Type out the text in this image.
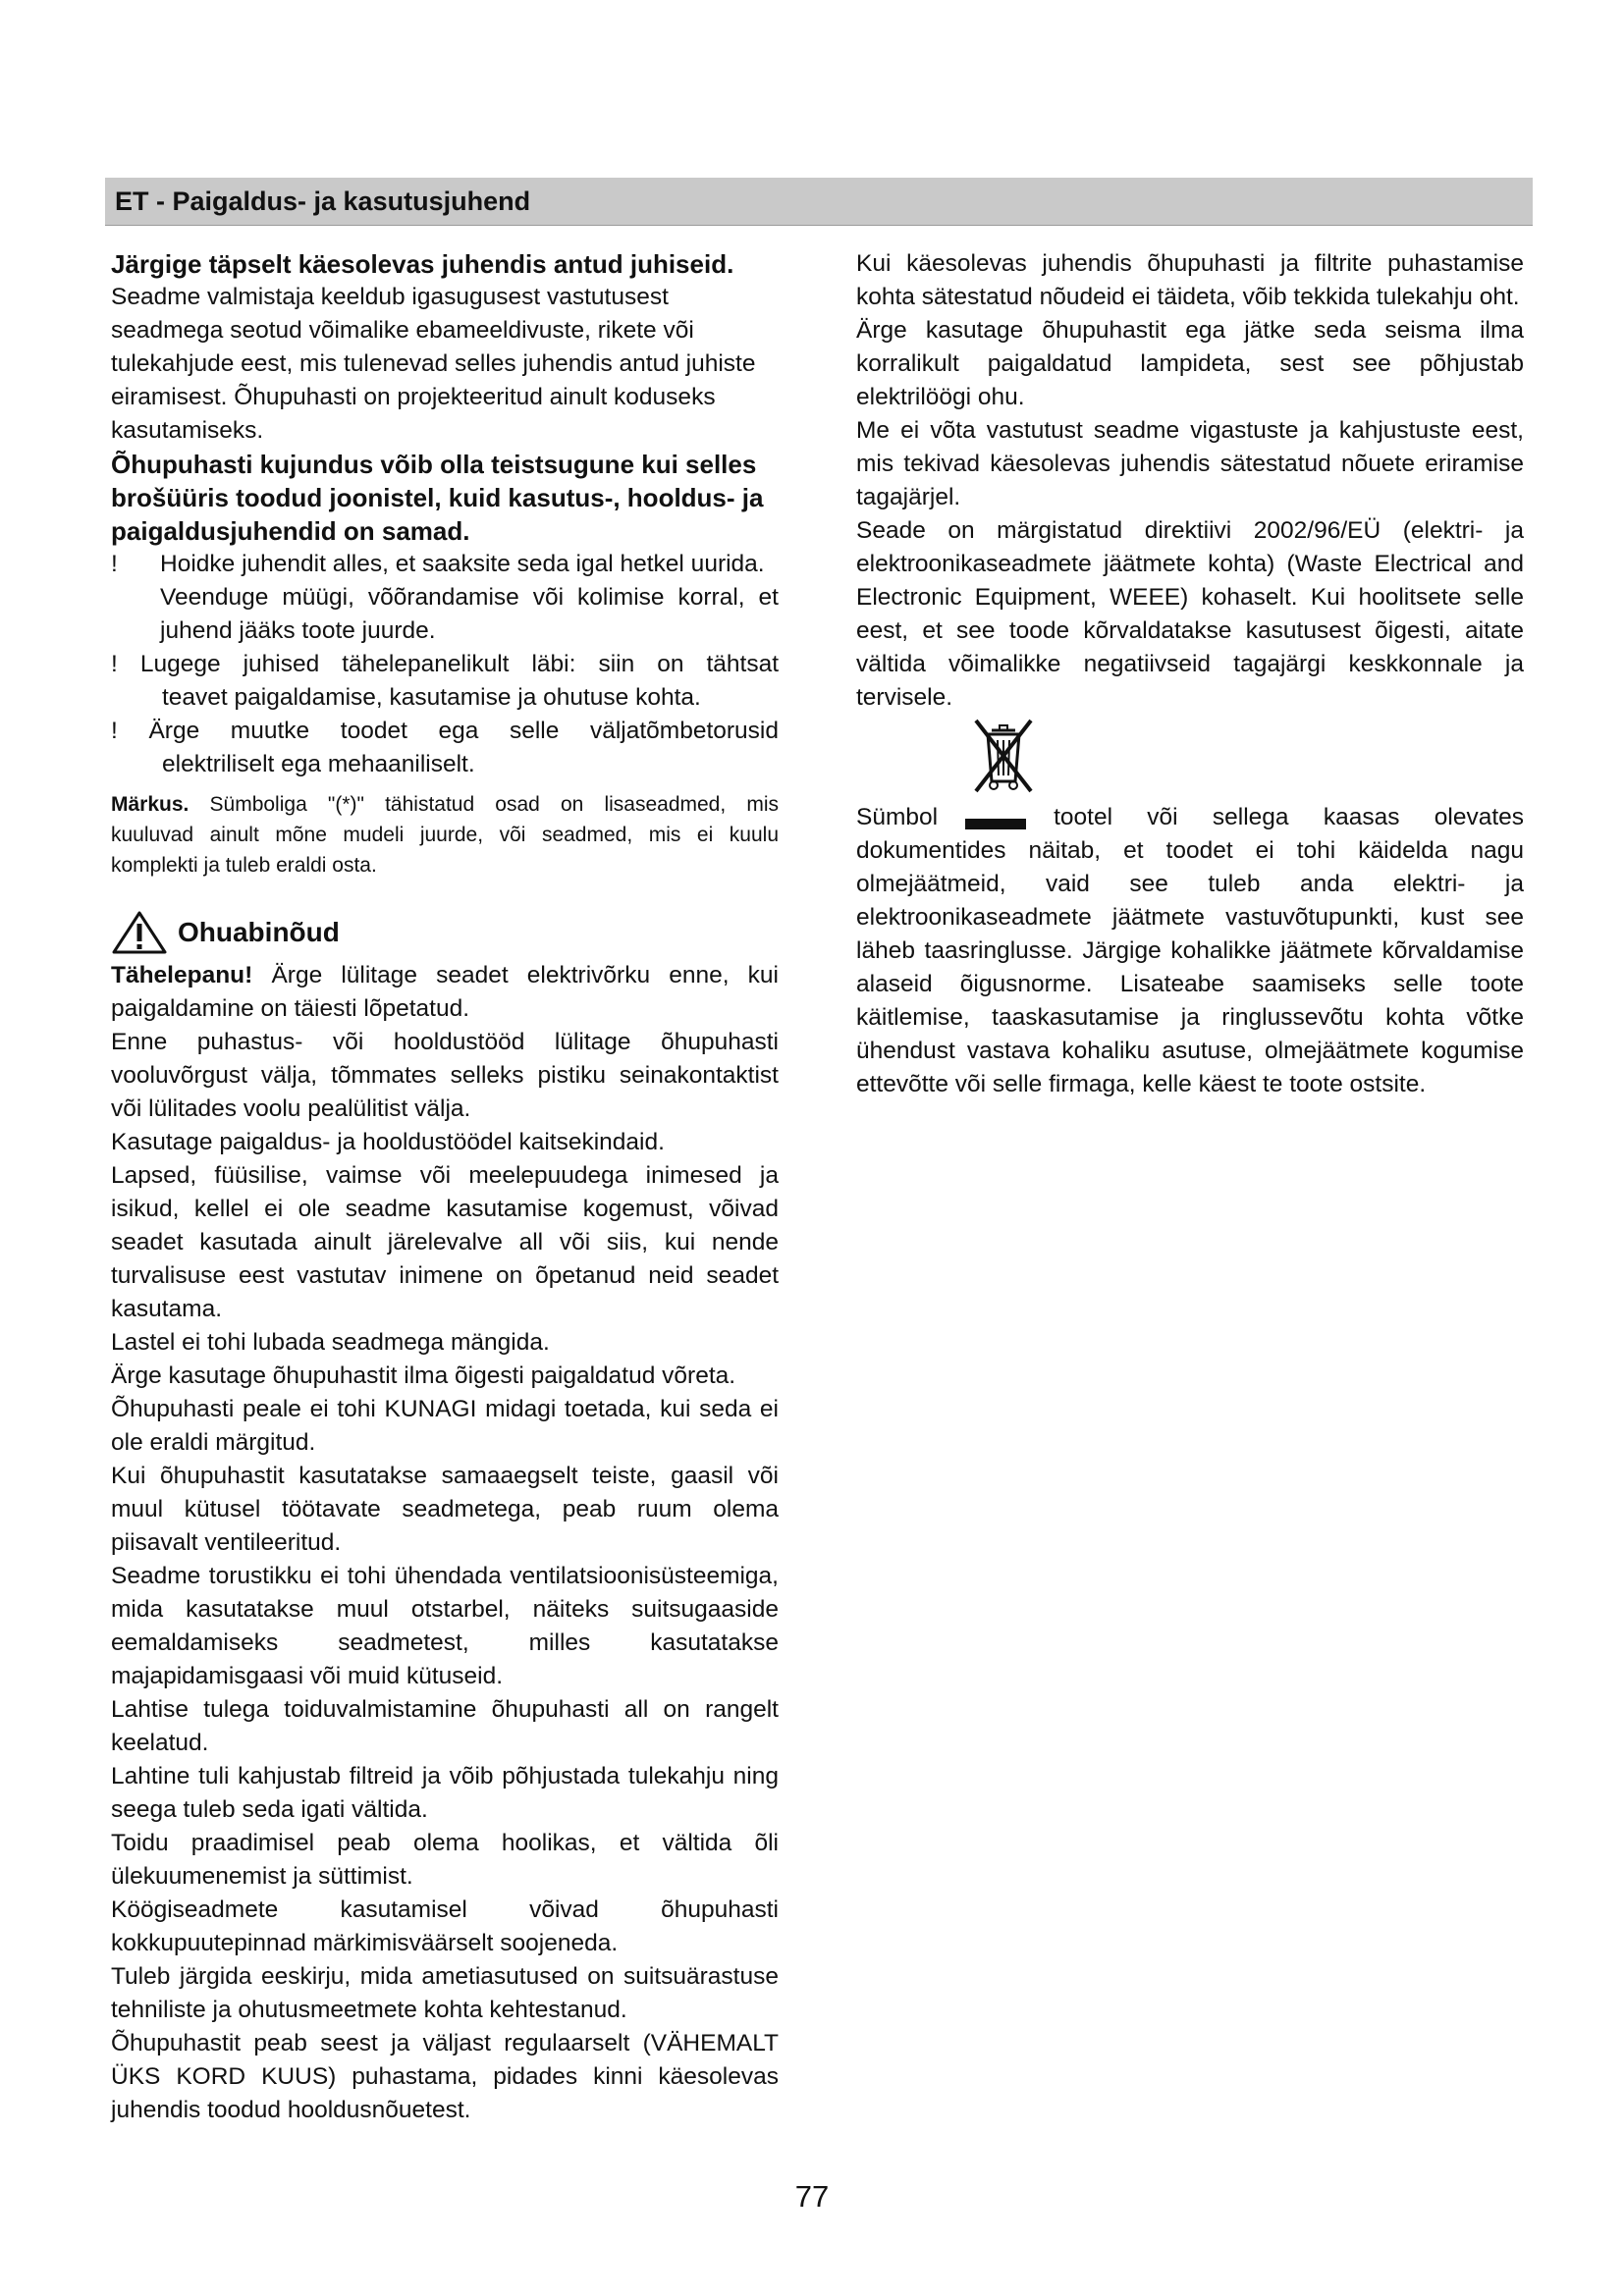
ET - Paigaldus- ja kasutusjuhend

Järgige täpselt käesolevas juhendis antud juhiseid.

Seadme valmistaja keeldub igasugusest vastutusest

seadmega seotud võimalike ebameeldivuste, rikete või

tulekahjude eest, mis tulenevad selles juhendis antud juhiste

eiramisest. Õhupuhasti on projekteeritud ainult koduseks

kasutamiseks.

Õhupuhasti kujundus võib olla teistsugune kui selles

brošüüris toodud joonistel, kuid kasutus-, hooldus- ja

paigaldusjuhendid on samad.

!	Hoidke juhendit alles, et saaksite seda igal hetkel uurida.

Veenduge müügi, võõrandamise või kolimise korral, et

juhend jääks toote juurde.

! Lugege juhised tähelepanelikult läbi: siin on tähtsat

teavet paigaldamise, kasutamise ja ohutuse kohta.

! Ärge muutke toodet ega selle väljatõmbetorusid

elektriliselt ega mehaaniliselt.

Märkus. Sümboliga "(*)" tähistatud osad on lisaseadmed, mis

kuuluvad ainult mõne mudeli juurde, või seadmed, mis ei kuulu

komplekti ja tuleb eraldi osta.

Ohuabinõud

Tähelepanu! Ärge lülitage seadet elektrivõrku enne, kui

paigaldamine on täiesti lõpetatud.

Enne puhastus- või hooldustööd lülitage õhupuhasti

vooluvõrgust välja, tõmmates selleks pistiku seinakontaktist

või lülitades voolu pealülitist välja.

Kasutage paigaldus- ja hooldustöödel kaitsekindaid.

Lapsed, füüsilise, vaimse või meelepuudega inimesed ja

isikud, kellel ei ole seadme kasutamise kogemust, võivad

seadet kasutada ainult järelevalve all või siis, kui nende

turvalisuse eest vastutav inimene on õpetanud neid seadet

kasutama.

Lastel ei tohi lubada seadmega mängida.

Ärge kasutage õhupuhastit ilma õigesti paigaldatud võreta.

Õhupuhasti peale ei tohi KUNAGI midagi toetada, kui seda ei

ole eraldi märgitud.

Kui õhupuhastit kasutatakse samaaegselt teiste, gaasil või

muul kütusel töötavate seadmetega, peab ruum olema

piisavalt ventileeritud.

Seadme torustikku ei tohi ühendada ventilatsioonisüsteemiga,

mida kasutatakse muul otstarbel, näiteks suitsugaaside

eemaldamiseks seadmetest, milles kasutatakse

majapidamisgaasi või muid kütuseid.

Lahtise tulega toiduvalmistamine õhupuhasti all on rangelt

keelatud.

Lahtine tuli kahjustab filtreid ja võib põhjustada tulekahju ning

seega tuleb seda igati vältida.

Toidu praadimisel peab olema hoolikas, et vältida õli

ülekuumenemist ja süttimist.

Köögiseadmete kasutamisel võivad õhupuhasti

kokkupuutepinnad märkimisväärselt soojeneda.

Tuleb järgida eeskirju, mida ametiasutused on suitsuärastuse

tehniliste ja ohutusmeetmete kohta kehtestanud.

Õhupuhastit peab seest ja väljast regulaarselt (VÄHEMALT

ÜKS KORD KUUS) puhastama, pidades kinni käesolevas

juhendis toodud hooldusnõuetest.

Kui käesolevas juhendis õhupuhasti ja filtrite puhastamise

kohta sätestatud nõudeid ei täideta, võib tekkida tulekahju oht.

Ärge kasutage õhupuhastit ega jätke seda seisma ilma

korralikult paigaldatud lampideta, sest see põhjustab

elektrilöögi ohu.

Me ei võta vastutust seadme vigastuste ja kahjustuste eest,

mis tekivad käesolevas juhendis sätestatud nõuete eriramise

tagajärjel.

Seade on märgistatud direktiivi 2002/96/EÜ (elektri- ja

elektroonikaseadmete jäätmete kohta) (Waste Electrical and

Electronic Equipment, WEEE) kohaselt. Kui hoolitsete selle

eest, et see toode kõrvaldatakse kasutusest õigesti, aitate

vältida võimalikke negatiivseid tagajärgi keskkonnale ja

tervisele.

Sümbol	tootel või sellega kaasas olevates

dokumentides näitab, et toodet ei tohi käidelda nagu

olmejäätmeid, vaid see tuleb anda elektri- ja

elektroonikaseadmete jäätmete vastuvõtupunkti, kust see

läheb taasringlusse. Järgige kohalikke jäätmete kõrvaldamise

alaseid õigusnorme. Lisateabe saamiseks selle toote

käitlemise, taaskasutamise ja ringlussevõtu kohta võtke

ühendust vastava kohaliku asutuse, olmejäätmete kogumise

ettevõtte või selle firmaga, kelle käest te toote ostsite.

77
